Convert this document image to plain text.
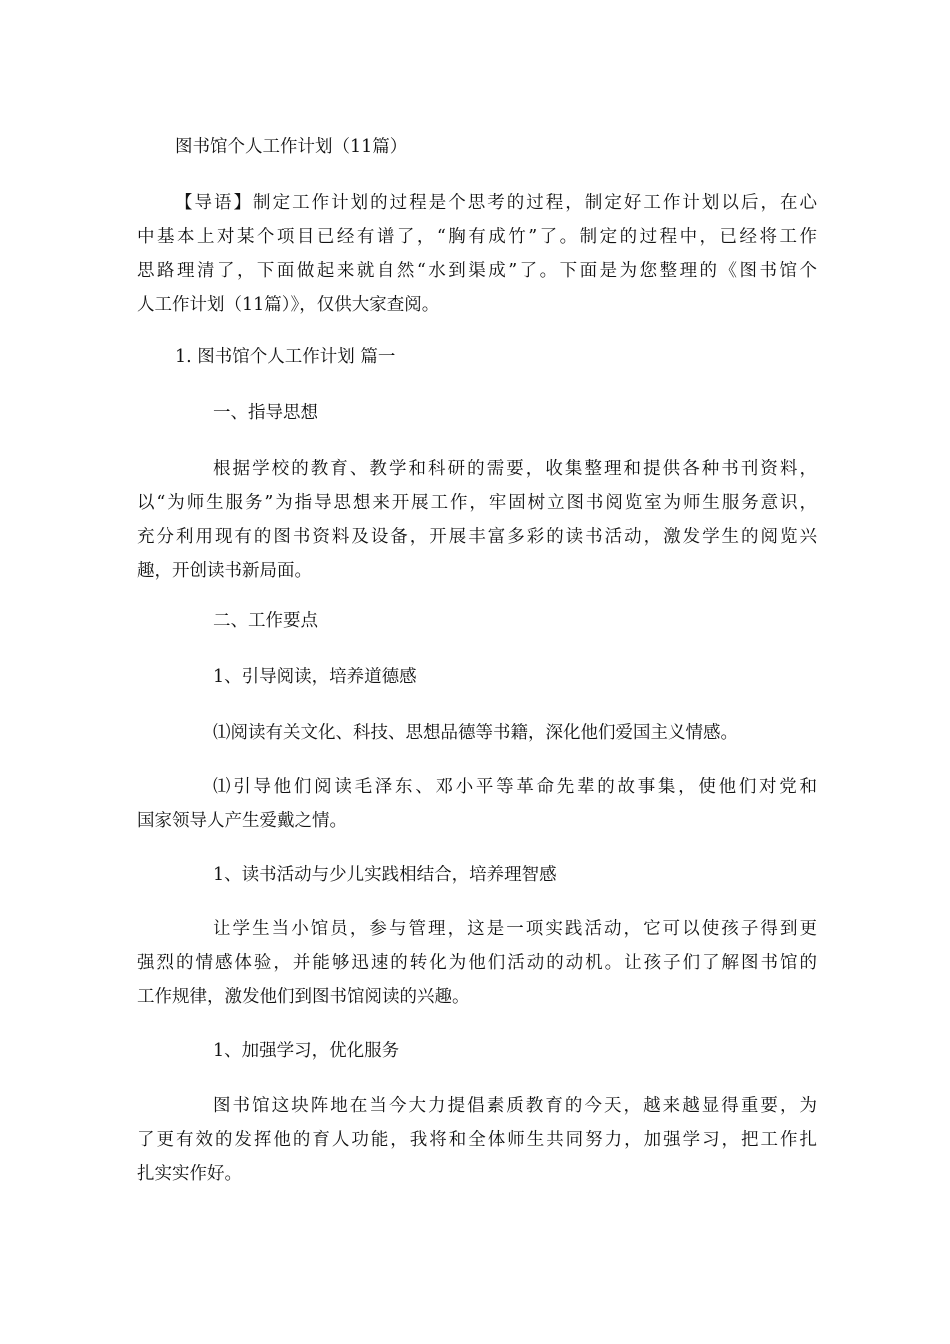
图书馆个人工作计划（11篇）
【导语】制定工作计划的过程是个思考的过程，制定好工作计划以后，在心
中基本上对某个项目已经有谱了，“胸有成竹”了。制定的过程中，已经将工作
思路理清了，下面做起来就自然“水到渠成”了。下面是为您整理的《图书馆个
人工作计划（11篇）》，仅供大家查阅。
1. 图书馆个人工作计划 篇一
一、指导思想
根据学校的教育、教学和科研的需要，收集整理和提供各种书刊资料，
以“为师生服务”为指导思想来开展工作，牢固树立图书阅览室为师生服务意识，
充分利用现有的图书资料及设备，开展丰富多彩的读书活动，激发学生的阅览兴
趣，开创读书新局面。
二、工作要点
1、引导阅读，培养道德感
⑴阅读有关文化、科技、思想品德等书籍，深化他们爱国主义情感。
⑴引导他们阅读毛泽东、邓小平等革命先辈的故事集，使他们对党和
国家领导人产生爱戴之情。
1、读书活动与少儿实践相结合，培养理智感
让学生当小馆员，参与管理，这是一项实践活动，它可以使孩子得到更
强烈的情感体验，并能够迅速的转化为他们活动的动机。让孩子们了解图书馆的
工作规律，激发他们到图书馆阅读的兴趣。
1、加强学习，优化服务
图书馆这块阵地在当今大力提倡素质教育的今天，越来越显得重要，为
了更有效的发挥他的育人功能，我将和全体师生共同努力，加强学习，把工作扎
扎实实作好。
